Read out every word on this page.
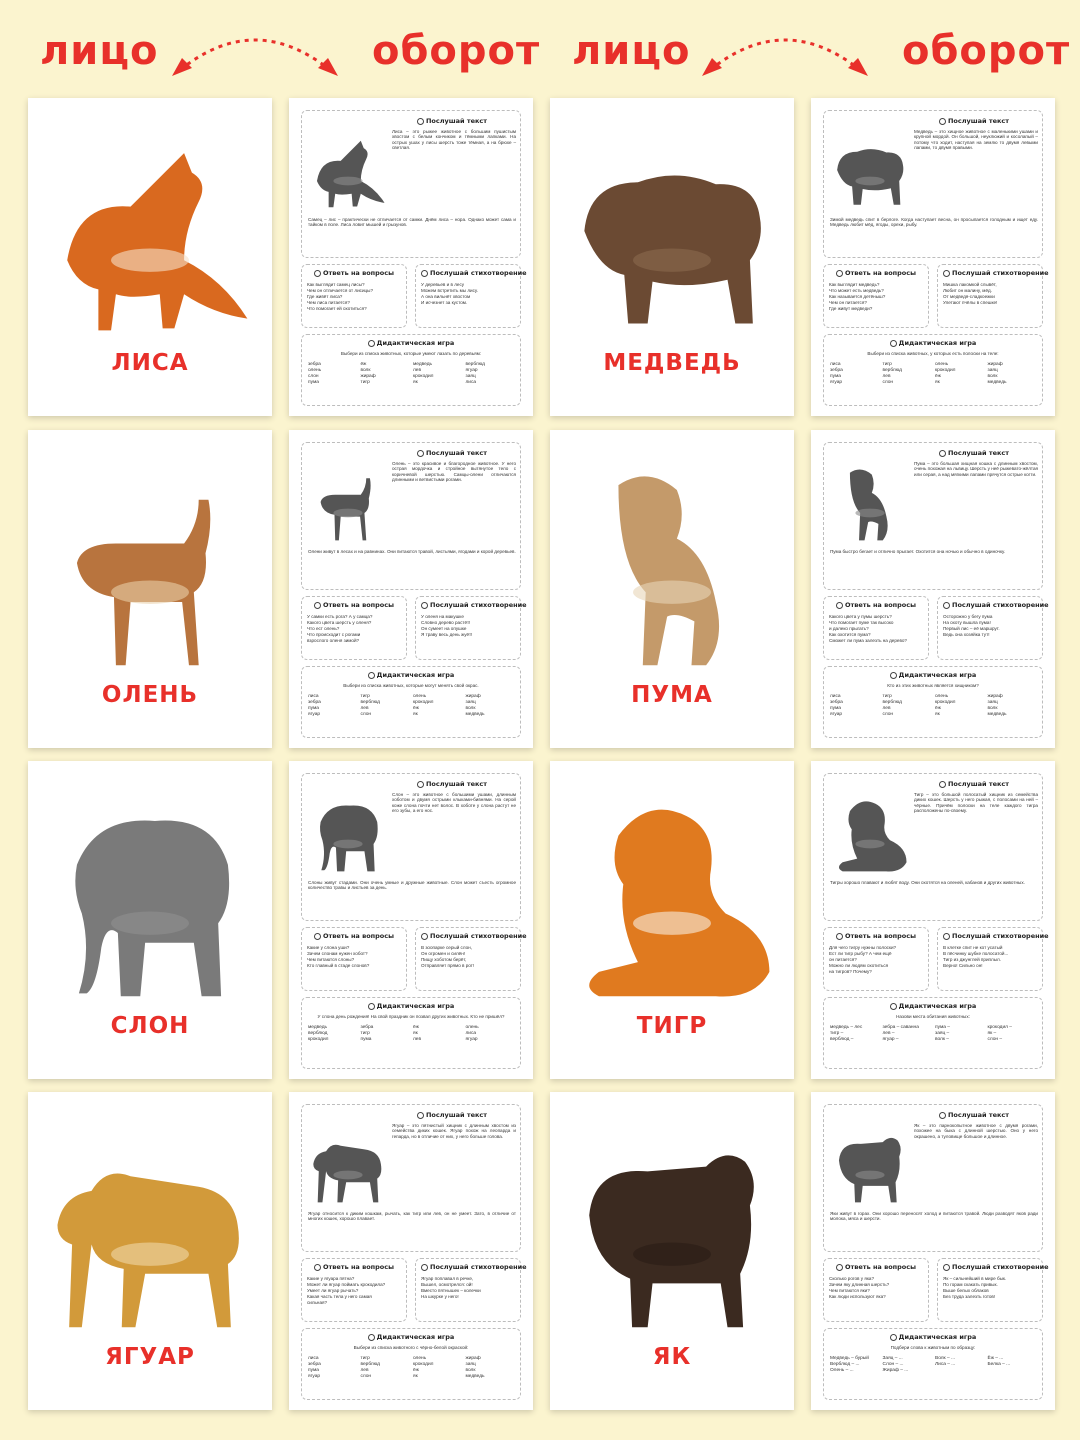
лицо	оборот лицо	оборот
ЛИСА
Послушай текст
Лиса – это рыжее животное с большим пушистым хвостом с белым кончиком и тёмными лапками. На острых ушах у лисы шерсть тоже тёмная, а на брюхе – светлая.
Самец – лис – практически не отличается от самки. Днём лиса – нора. Однако может сама и тайком в поле. Лиса ловит мышей и грызунов.
Ответь на вопросы
Как выглядит самец лисы?
Чем он отличается от лисицы?
Где живёт лиса?
Чем лиса питается?
Что помогает ей охотиться?
Послушай стихотворение
У деревьев и в лесу
Можем встретить мы лису.
А она вильнёт хвостом
И исчезнет за кустом.
Дидактическая игра
Выбери из списка животных, которые умеют лазать по деревьям:
зебра	ёж	медведь	верблюд
олень	волк	лев	ягуар
слон	жираф	крокодил	заяц
пума	тигр	як	лиса
МЕДВЕДЬ
Послушай текст
Медведь – это хищное животное с маленькими ушами и крупной мордой. Он большой, неуклюжий и косолапый – потому что ходит, наступая на землю то двумя левыми лапами, то двумя правыми.
Зимой медведь спит в берлоге. Когда наступает весна, он просыпается голодным и ищет еду. Медведь любит мёд, ягоды, орехи, рыбу.
Ответь на вопросы
Как выглядит медведь?
Что может есть медведь?
Как называется детёныш?
Чем он питается?
Где живут медведи?
Послушай стихотворение
Мишка лакомкой слывёт,
Любит он малину, мёд.
От медведя-сладкоежки
Улетают пчёлы в спешке!
Дидактическая игра
Выбери из списка животных, у которых есть полоски на теле:
лиса	тигр	олень	жираф
зебра	верблюд	крокодил	заяц
пума	лев	ёж	волк
ягуар	слон	як	медведь
ОЛЕНЬ
Послушай текст
Олень – это красивое и благородное животное. У него острая мордочка и стройное вытянутое тело с коричневой шерстью. Самцы-олени отличаются длинными и ветвистыми рогами.
Олени живут в лесах и на равнинах. Они питаются травой, листьями, ягодами и корой деревьев.
Ответь на вопросы
У самки есть рога? А у самца?
Какого цвета шерсть у оленя?
Что ест олень?
Что происходит с рогами
взрослого оленя зимой?
Послушай стихотворение
У оленя на макушке
Словно дерево растёт!
Он сумеет на опушке
Я траву весь день жуёт!
Дидактическая игра
Выбери из списка животных, которые могут менять свой окрас.
лиса	тигр	олень	жираф
зебра	верблюд	крокодил	заяц
пума	лев	ёж	волк
ягуар	слон	як	медведь
ПУМА
Послушай текст
Пума – это большая хищная кошка с длинным хвостом, очень похожая на львицу. Шерсть у неё рыжевато-жёлтая или серая, а над мягкими лапами прячутся острые когти.
Пума быстро бегает и отлично прыгает. Охотится она ночью и обычно в одиночку.
Ответь на вопросы
Какого цвета у пумы шерсть?
Что помогает пуме так высоко
и далеко прыгать?
Как охотится пума?
Сможет ли пума залезть на дерево?
Послушай стихотворение
Осторожно у бегу пума
На охоту вышла пума!
Первый лис – её маршрут.
Ведь она хозяйка тут!
Дидактическая игра
Кто из этих животных является хищником?
лиса	тигр	олень	жираф
зебра	верблюд	крокодил	заяц
пума	лев	ёж	волк
ягуар	слон	як	медведь
СЛОН
Послушай текст
Слон – это животное с большими ушами, длинным хоботом и двумя острыми клыками-бивнями. На серой коже слона почти нет волос. В хоботе у слона растут не его зубы, а его нос.
Слоны живут стадами. Они очень умные и дружные животные. Слон может съесть огромное количество травы и листьев за день.
Ответь на вопросы
Какие у слона уши?
Зачем слонам нужен хобот?
Чем питаются слоны?
Кто главный в стаде слонов?
Послушай стихотворение
В зоопарке серый слон,
Он огромен и силён!
Пищу хоботом берёт,
Отправляет прямо в рот!
Дидактическая игра
У слона день рождения! На свой праздник он позвал других животных. Кто не пришёл?
медведь	зебра	ёж	олень
верблюд	тигр	як	лиса
крокодил	пума	лев	ягуар
ТИГР
Послушай текст
Тигр – это большой полосатый хищник из семейства диких кошек. Шерсть у него рыжая, с полосами на ней – чёрные. Причём полоски на теле каждого тигра расположены по-своему.
Тигры хорошо плавают и любят воду. Они охотятся на оленей, кабанов и других животных.
Ответь на вопросы
Для чего тигру нужны полоски?
Ест ли тигр рыбу? А чем ещё
он питается?
Можно ли людям охотиться
на тигров? Почему?
Послушай стихотворение
В клетке спит не кот усатый
В пёсчинку шубке полосатой...
Тигр из джунглей приплыл.
Верно! Сильно он!
Дидактическая игра
Назови места обитания животных:
медведь – лес	зебра – саванна	пума –	крокодил –
тигр –	лев –	заяц –	як –
верблюд –	ягуар –	волк –	слон –
ЯГУАР
Послушай текст
Ягуар – это пятнистый хищник с длинным хвостом из семейства диких кошек. Ягуар похож на леопарда и гепарда, но в отличие от них, у него больше голова.
Ягуар относится к диким кошкам, рычать, как тигр или лев, он не умеет. Зато, в отличие от многих кошек, хорошо плавает.
Ответь на вопросы
Какие у ягуара пятна?
Может ли ягуар поймать крокодила?
Умеет ли ягуар рычать?
Какая часть тела у него самая
сильная?
Послушай стихотворение
Ягуар поплавал в речке,
Вышел, осмотрелся: ой!
Вместо пятнышек – колечки
На шкурке у него!
Дидактическая игра
Выбери из списка животного с чёрно-белой окраской:
лиса	тигр	олень	жираф
зебра	верблюд	крокодил	заяц
пума	лев	ёж	волк
ягуар	слон	як	медведь
ЯК
Послушай текст
Як – это парнокопытное животное с двумя рогами, похожее на быка с длинной шерстью. Оно у него окрашено, а туловище большое и длинное.
Яки живут в горах. Они хорошо переносят холод и питаются травой. Люди разводят яков ради молока, мяса и шерсти.
Ответь на вопросы
Сколько рогов у яка?
Зачем яку длинная шерсть?
Чем питаются яки?
Как люди используют яка?
Послушай стихотворение
Як – сильнейший в мире бык.
По горам скакать привык.
Выше белых облаков
Без труда залезть готов!
Дидактическая игра
Подбери слова к животным по образцу:
Медведь – бурый	Заяц – ...	Волк – ...	Ёж – ...
Верблюд – ...	Слон – ...	Лиса – ...	Белка – ...
Олень – ...	Жираф – ...
